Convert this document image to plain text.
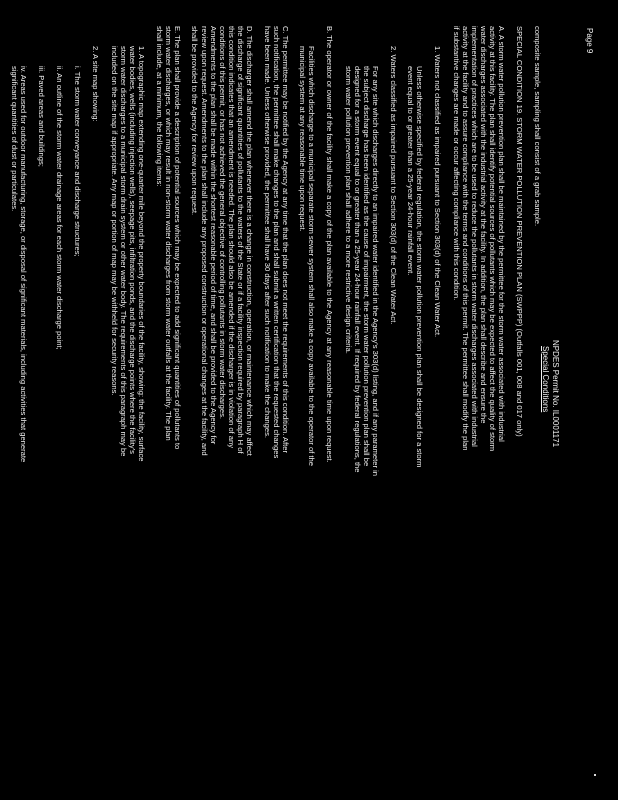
Page 9
NPDES Permit No. IL0001171
Special Conditions
composite sample, sampling shall consist of a grab sample.
SPECIAL CONDITION 19. STORM WATER POLLUTION PREVENTION PLAN (SWPPP) (Outfalls 001, 008 and 017 only)
A. A storm water pollution prevention plan shall be maintained by the permittee for the storm water associated with industrial
activity at this facility. The plan shall identify potential sources of pollutants which may be expected to affect the quality of storm
water discharges associated with the industrial activity at the facility. In addition, the plan shall describe and ensure the
implementation of practices which are to be used to reduce the pollutants in storm water discharges associated with industrial
activity at the facility and to assure compliance with the terms and conditions of this permit. The permittee shall modify the plan
if substantive changes are made or occur affecting compliance with this condition.
1. Waters not classified as impaired pursuant to Section 303(d) of the Clean Water Act.
Unless otherwise specified by federal regulation, the storm water pollution prevention plan shall be designed for a storm
event equal to or greater than a 25-year 24-hour rainfall event.
2. Waters classified as impaired pursuant to Section 303(d) of the Clean Water Act.
For any site which discharges directly to an impaired water identified in the Agency's 303(d) listing, and if any parameter in
the subject discharge has been identified as the cause of impairment, the storm water pollution prevention plan shall be
designed for a storm event equal to or greater than a 25-year 24-hour rainfall event. If required by federal regulations, the
storm water pollution prevention plan shall adhere to a more restrictive design criteria.
B. The operator or owner of the facility shall make a copy of the plan available to the Agency at any reasonable time upon request.
Facilities which discharge to a municipal separate storm sewer system shall also make a copy available to the operator of the
municipal system at any reasonable time upon request.
C. The permittee may be notified by the Agency at any time that the plan does not meet the requirements of this condition. After
such notification, the permittee shall make changes to the plan and shall submit a written certification that the requested changes
have been made. Unless otherwise provided, the permittee shall have 30 days after such notification to make the changes.
D. The discharger shall amend the plan whenever there is a change in construction, operation, or maintenance which may affect
the discharge of significant quantities of pollutants to the waters of the State or if a facility inspection required by paragraph H of
this condition indicates that an amendment is needed. The plan should also be amended if the discharger is in violation of any
conditions of this permit, or has not achieved the general objective of controlling pollutants in storm water discharges.
Amendments to the plan shall be made within the shortest reasonable period of time, and shall be provided to the Agency for
review upon request. Amendments to the plan shall include any proposed construction or operational changes at the facility, and
shall be provided to the Agency for review upon request.
E. The plan shall provide a description of potential sources which may be expected to add significant quantities of pollutants to
storm water discharges, or which may result in non-storm water discharges from storm water outfalls at the facility. The plan
shall include, at a minimum, the following items:
1. A topographic map extending one-quarter mile beyond the property boundaries of the facility, showing: the facility, surface
water bodies, wells (including injection wells), seepage pits, infiltration ponds, and the discharge points where the facility's
storm water discharges to a municipal storm drain system or other water body. The requirements of this paragraph may be
included on the site map if appropriate. Any map or portion of map may be withheld for security reasons.
2. A site map showing:
i. The storm water conveyance and discharge structures;
ii. An outline of the storm water drainage areas for each storm water discharge point;
iii. Paved areas and buildings;
iv. Areas used for outdoor manufacturing, storage, or disposal of significant materials, including activities that generate
significant quantities of dust or particulates.
